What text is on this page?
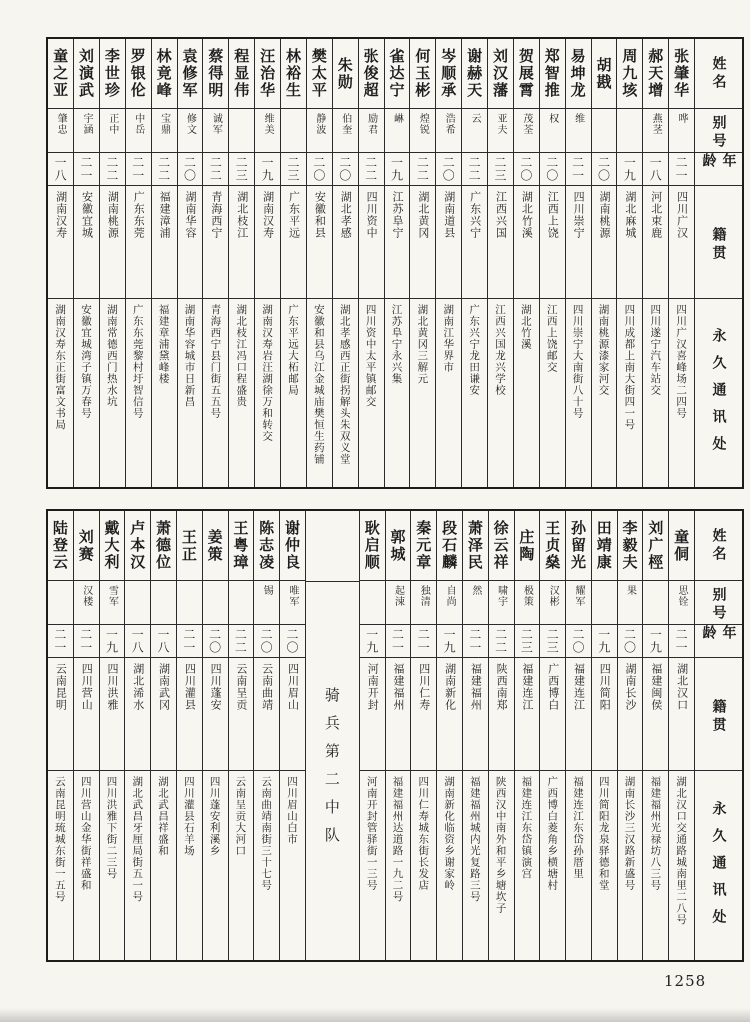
姓名
别号
年龄
籍贯
永久通讯处
张肇华
哗
二一
四川广汉
四川广汉喜峰场二四号
郝天增
燕茎
一八
河北束鹿
四川遂宁汽车站交
周九垓
一九
湖北麻城
四川成都上南大街四一号
胡戡
二〇
湖南桃源
湖南桃源漆家河交
易坤龙
维
二一
四川崇宁
四川崇宁大南街八十号
郑智推
权
二〇
江西上饶
江西上饶邮交
贺展霄
茂荃
二〇
湖北竹溪
湖北竹溪
刘汉藩
亚夫
二三
江西兴国
江西兴国龙兴学校
谢赫天
云
二二
广东兴宁
广东兴宁龙田谦安
岑顺承
浩希
二〇
湖南道县
湖南江华界市
何玉彬
煌锐
二二
湖北黄冈
湖北黄冈三解元
雀达宁
崊
一九
江苏阜宁
江苏阜宁永兴集
张俊超
励君
二二
四川资中
四川资中太平镇邮交
朱勋
伯奎
二〇
湖北孝感
湖北孝感西正街拐解头朱双义堂
樊太平
静波
二〇
安徽和县
安徽和县乌江金城庙樊恒生药铺
林裕生
二三
广东平远
广东平远大柘邮局
汪治华
维美
一九
湖南汉寿
湖南汉寿岩汪湖徐万和转交
程显伟
二三
湖北枝江
湖北枝江冯口程盛贵
蔡得明
诚军
二二
青海西宁
青海西宁县门街五五号
袁修军
修文
二〇
湖南华容
湖南华容城市日新昌
林竟峰
宝鼎
二二
福建漳浦
福建章浦黛峰楼
罗银伦
中岳
二一
广东东莞
广东东莞黎村圩智信号
李世珍
正中
二二
湖南桃源
湖南常德西门热水坑
刘演武
宇涵
二一
安徽宜城
安徽宜城湾子镇万春号
童之亚
肇忠
一八
湖南汉寿
湖南汉寿东正街富文书局
姓名
别号
年龄
籍贯
永久通讯处
童侗
思铨
二一
湖北汉口
湖北汉口交通路城南里二八号
刘广桱
一九
福建闽侯
福建福州光禄坊八三号
李毅夫
果
二〇
湖南长沙
湖南长沙三汉路新盛号
田靖康
一九
四川简阳
四川简阳龙泉驿德和堂
孙留光
耀军
二〇
福建连江
福建连江东岱孙厝里
王贞燊
汉彬
二三
广西博白
广西博白菱角乡横塘村
庄陶
极策
二三
福建连江
福建连江东岱镇演宫
徐云祥
啸宇
二二
陕西南郑
陕西汉中南外和平乡塘坎子
萧泽民
然
二一
福建福州
福建福州城内光复路三号
段石麟
自尚
一九
湖南新化
湖南新化临资乡谢家岭
秦元章
独清
二一
四川仁寿
四川仁寿城东街长发店
郭城
起涑
二一
福建福州
福建福州达道路一九二号
耿启顺
一九
河南开封
河南开封管驿街一三号
骑兵第二中队
谢仲良
唯军
二〇
四川眉山
四川眉山白市
陈志凌
锡
二〇
云南曲靖
云南曲靖南街三十七号
王粤璋
二二
云南呈贡
云南呈贡大河口
姜策
二〇
四川蓬安
四川蓬安利溪乡
王正
二一
四川灌县
四川灌县石羊场
萧德位
一八
湖南武冈
湖北武昌祥盛和
卢本汉
一八
湖北浠水
湖北武昌牙厘局街五一号
戴大利
雪军
一九
四川洪雅
四川洪雅下街二三号
刘赛
汉楼
二一
四川营山
四川营山金华街祥盛和
陆登云
二一
云南昆明
云南昆明琉城东街一五号
1258
